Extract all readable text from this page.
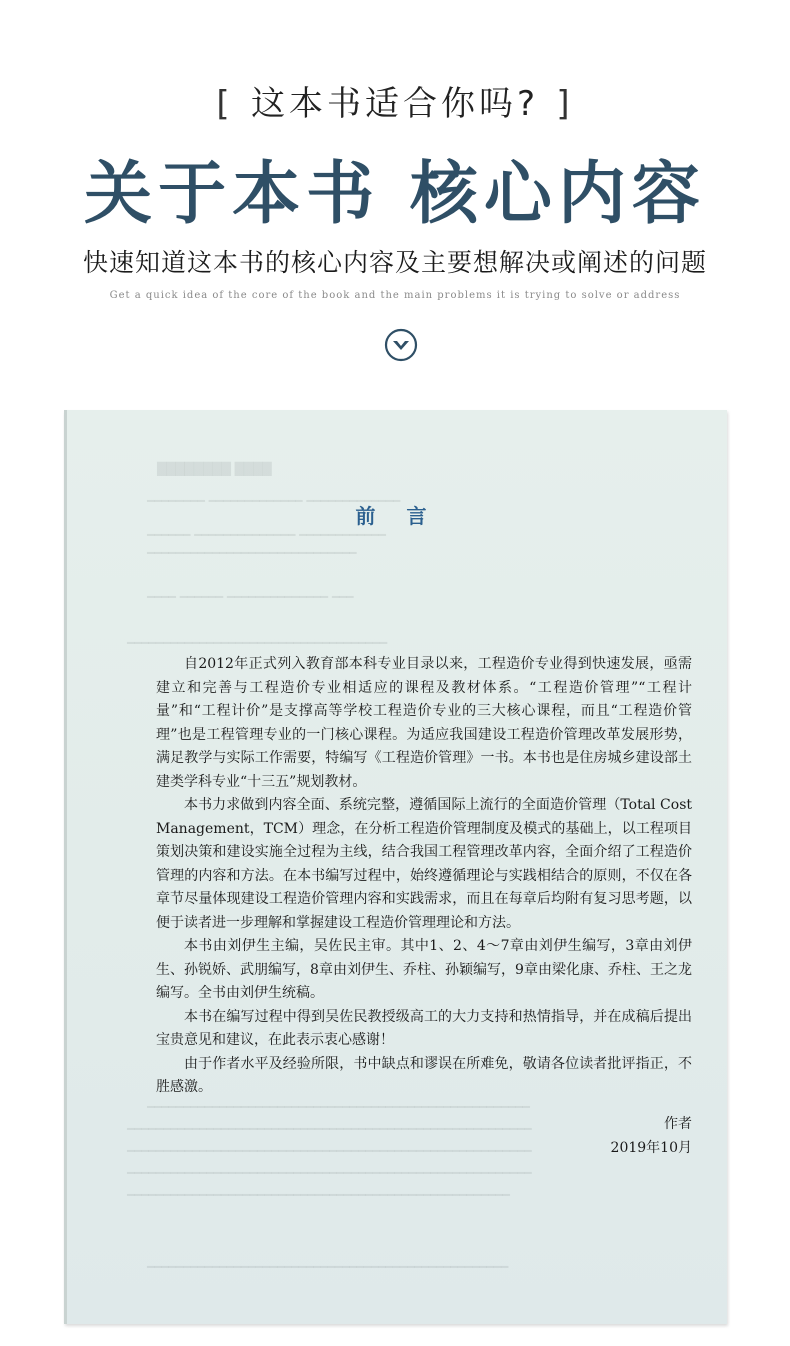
[ 这本书适合你吗? ]
关于本书 核心内容
快速知道这本书的核心内容及主要想解决或阐述的问题
Get a quick idea of the core of the book and the main problems it is trying to solve or address
████████ ████
━━━━━━━━ ━━━━━━━━━━━━━ ━━━━━━━━━━━━━
━━━━━━ ━━━━━━━━━━━━━━ ━━━━━━━━━━━━
━━━━━━━━━━━━━━━━━━━━━━━━━━━━━
━━━━ ━━━━━━ ━━━━━━━━━━━━━━ ━━━
━━━━━━━━━━━━━━━━━━━━━━━━━━━━━━━━━━━━
━━━━━━━━━━━━━━━━━━━━━━━━━━━━━━━━━━━━━━━━━━━━━━━━━━━━━
━━━━━━━━━━━━━━━━━━━━━━━━━━━━━━━━━━━━━━━━━━━━━━━━━━━━━━━━
━━━━━━━━━━━━━━━━━━━━━━━━━━━━━━━━━━━━━━━━━━━━━━━━━━━━━━━━
━━━━━━━━━━━━━━━━━━━━━━━━━━━━━━━━━━━━━━━━━━━━━━━━━━━━━━━━
━━━━━━━━━━━━━━━━━━━━━━━━━━━━━━━━━━━━━━━━━━━━━━━━━━━━━
━━━━━━━━━━━━━━━━━━━━━━━━━━━━━━━━━━━━━━━━━━━━━━━━━━
前 言

自2012年正式列入教育部本科专业目录以来，工程造价专业得到快速发展，亟需建立和完善与工程造价专业相适应的课程及教材体系。“工程造价管理”“工程计量”和“工程计价”是支撑高等学校工程造价专业的三大核心课程，而且“工程造价管理”也是工程管理专业的一门核心课程。为适应我国建设工程造价管理改革发展形势，满足教学与实际工作需要，特编写《工程造价管理》一书。本书也是住房城乡建设部土建类学科专业“十三五”规划教材。

本书力求做到内容全面、系统完整，遵循国际上流行的全面造价管理（Total Cost Management，TCM）理念，在分析工程造价管理制度及模式的基础上，以工程项目策划决策和建设实施全过程为主线，结合我国工程管理改革内容，全面介绍了工程造价管理的内容和方法。在本书编写过程中，始终遵循理论与实践相结合的原则，不仅在各章节尽量体现建设工程造价管理内容和实践需求，而且在每章后均附有复习思考题，以便于读者进一步理解和掌握建设工程造价管理理论和方法。

本书由刘伊生主编，吴佐民主审。其中1、2、4～7章由刘伊生编写，3章由刘伊生、孙锐娇、武朋编写，8章由刘伊生、乔柱、孙颖编写，9章由梁化康、乔柱、王之龙编写。全书由刘伊生统稿。

本书在编写过程中得到吴佐民教授级高工的大力支持和热情指导，并在成稿后提出宝贵意见和建议，在此表示衷心感谢！

由于作者水平及经验所限，书中缺点和谬误在所难免，敬请各位读者批评指正，不胜感激。

作者
2019年10月
